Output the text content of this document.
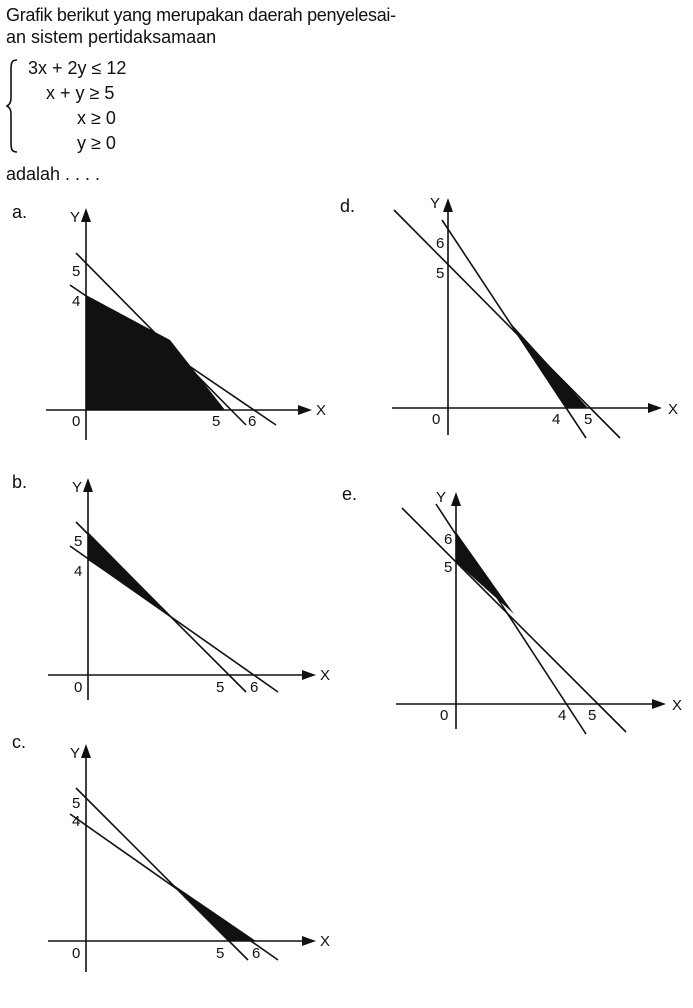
Grafik berikut yang merupakan daerah penyelesai-

an sistem pertidaksamaan

3x + 2y ≤ 12
x + y ≥ 5
x ≥ 0
y ≥ 0
adalah . . . .
a.
b.
c.
d.
e.
Y
X
5
4
0	5 6
Y
X
5
4
0	5 6
Y
X
5
4
0	5 6
Y
X
6
5
0	4 5
Y
X
6
5
0	4 5
